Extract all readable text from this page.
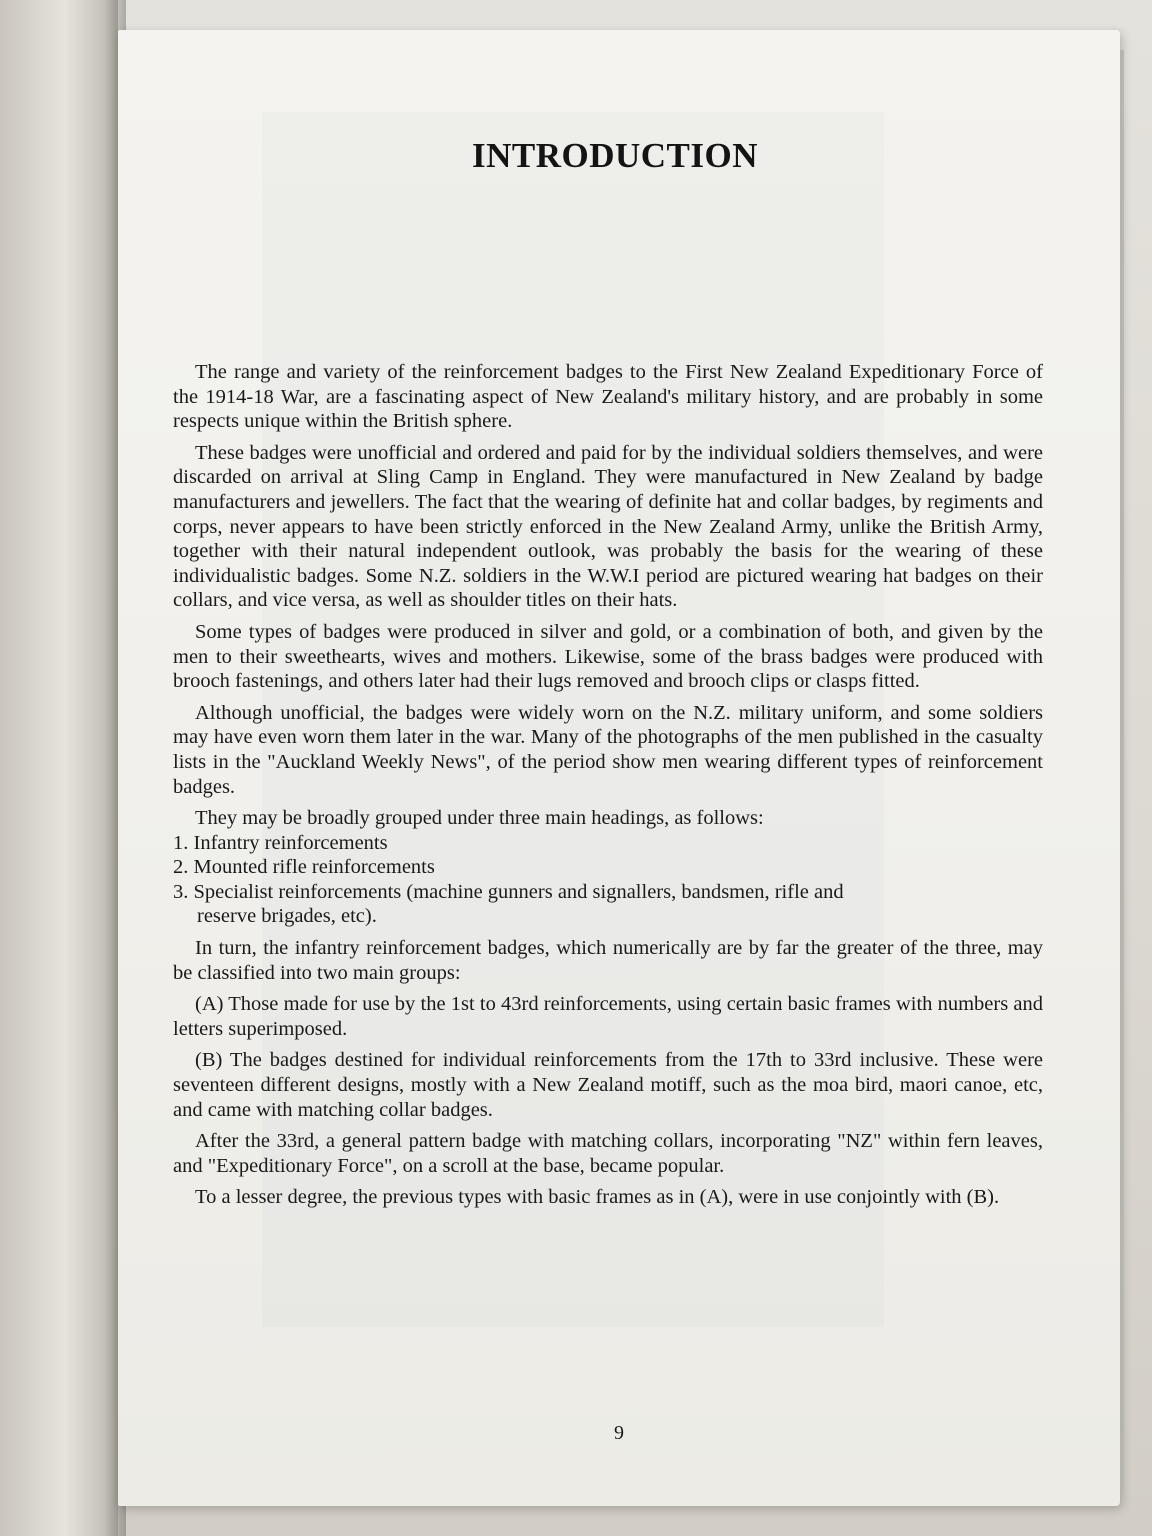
INTRODUCTION

The range and variety of the reinforcement badges to the First New Zealand Expeditionary Force of the 1914-18 War, are a fascinating aspect of New Zealand's military history, and are probably in some respects unique within the British sphere.

These badges were unofficial and ordered and paid for by the individual soldiers themselves, and were discarded on arrival at Sling Camp in England. They were manufactured in New Zealand by badge manufacturers and jewellers. The fact that the wearing of definite hat and collar badges, by regiments and corps, never appears to have been strictly enforced in the New Zealand Army, unlike the British Army, together with their natural independent outlook, was probably the basis for the wearing of these individualistic badges. Some N.Z. soldiers in the W.W.I period are pictured wearing hat badges on their collars, and vice versa, as well as shoulder titles on their hats.

Some types of badges were produced in silver and gold, or a combination of both, and given by the men to their sweethearts, wives and mothers. Likewise, some of the brass badges were produced with brooch fastenings, and others later had their lugs removed and brooch clips or clasps fitted.

Although unofficial, the badges were widely worn on the N.Z. military uniform, and some soldiers may have even worn them later in the war. Many of the photographs of the men published in the casualty lists in the "Auckland Weekly News", of the period show men wearing different types of reinforcement badges.

They may be broadly grouped under three main headings, as follows:

1. Infantry reinforcements
2. Mounted rifle reinforcements
3. Specialist reinforcements (machine gunners and signallers, bandsmen, rifle and
reserve brigades, etc).

In turn, the infantry reinforcement badges, which numerically are by far the greater of the three, may be classified into two main groups:

(A) Those made for use by the 1st to 43rd reinforcements, using certain basic frames with numbers and letters superimposed.

(B) The badges destined for individual reinforcements from the 17th to 33rd inclusive. These were seventeen different designs, mostly with a New Zealand motiff, such as the moa bird, maori canoe, etc, and came with matching collar badges.

After the 33rd, a general pattern badge with matching collars, incorporating "NZ" within fern leaves, and "Expeditionary Force", on a scroll at the base, became popular.

To a lesser degree, the previous types with basic frames as in (A), were in use conjointly with (B).

9
